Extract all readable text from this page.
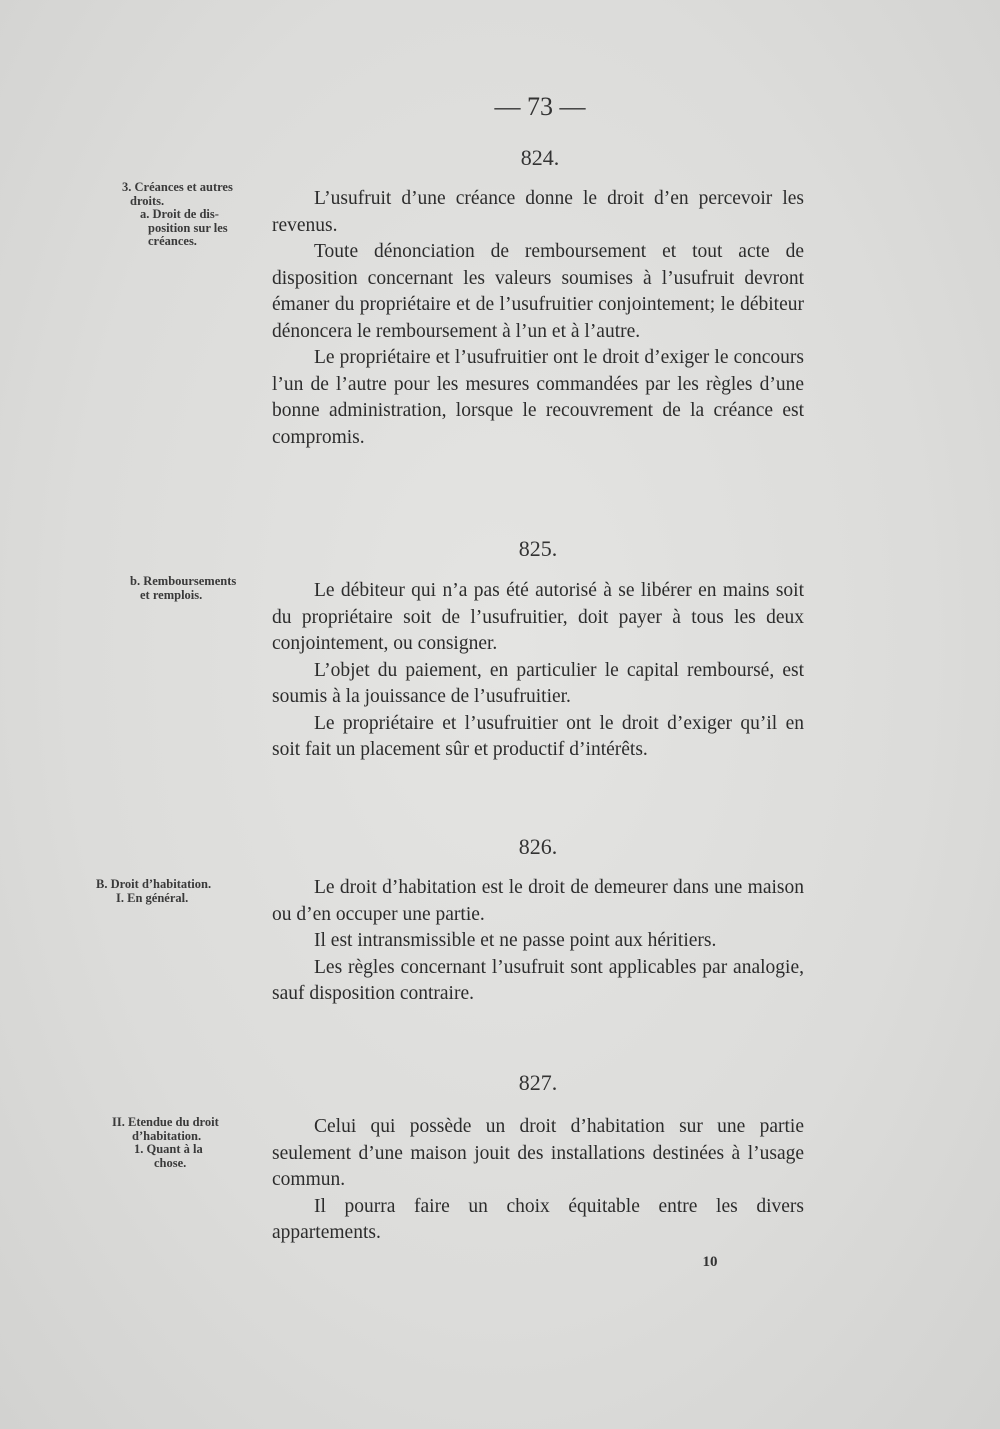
— 73 —
824.
3. Créances et autres
droits.
a. Droit de dis-
position sur les
créances.

L’usufruit d’une créance donne le droit d’en percevoir les revenus.

Toute dénonciation de remboursement et tout acte de disposition concernant les valeurs soumises à l’usufruit devront émaner du propriétaire et de l’usufruitier conjointement; le débiteur dénoncera le remboursement à l’un et à l’autre.

Le propriétaire et l’usufruitier ont le droit d’exiger le concours l’un de l’autre pour les mesures commandées par les règles d’une bonne administration, lorsque le recouvrement de la créance est compromis.

825.
b. Remboursements
et remplois.	Le débiteur qui n’a pas été autorisé à se libérer en mains soit du propriétaire soit de l’usufruitier, doit payer à tous les deux conjointement, ou consigner.

L’objet du paiement, en particulier le capital remboursé, est soumis à la jouissance de l’usufruitier.

Le propriétaire et l’usufruitier ont le droit d’exiger qu’il en soit fait un placement sûr et productif d’intérêts.

826.
B. Droit d’habitation.
I. En général.	Le droit d’habitation est le droit de demeurer dans une maison ou d’en occuper une partie.

Il est intransmissible et ne passe point aux héritiers.

Les règles concernant l’usufruit sont applicables par analogie, sauf disposition contraire.

827.
II. Etendue du droit
d’habitation.
1. Quant à la
chose.

Celui qui possède un droit d’habitation sur une partie seulement d’une maison jouit des installations destinées à l’usage commun.

Il pourra faire un choix équitable entre les divers appartements.

10
